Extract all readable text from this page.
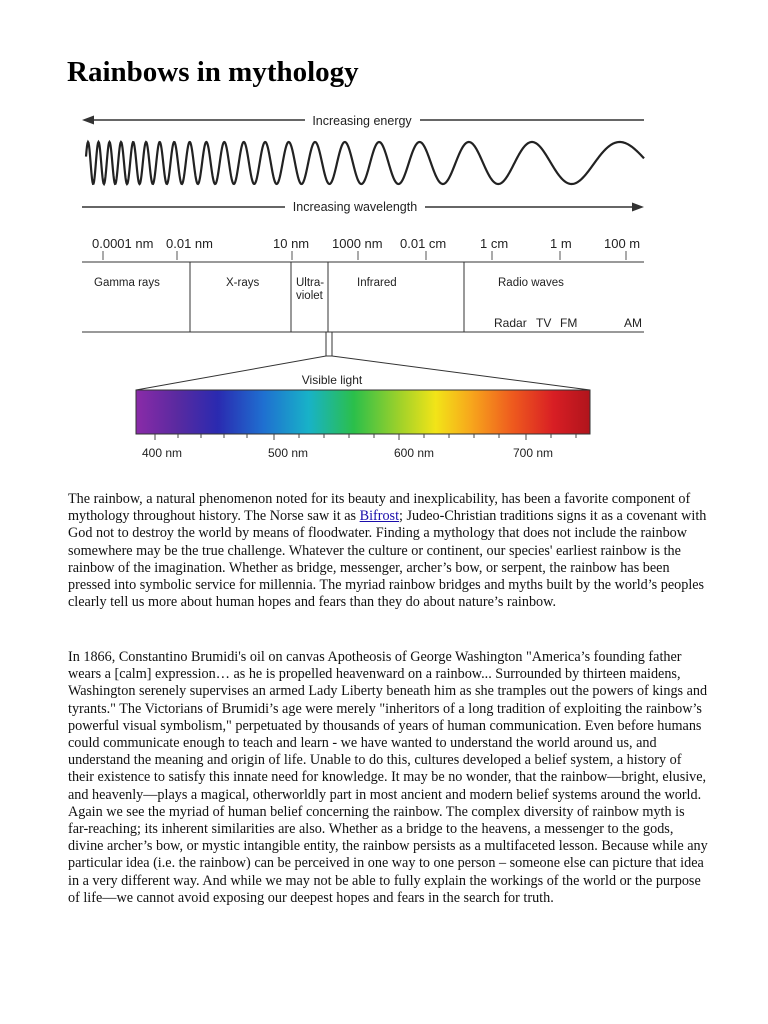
Rainbows in mythology
Increasing energy
Increasing wavelength
0.0001 nm 0.01 nm	10 nm 1000 nm 0.01 cm	1 cm	1 m 100 m
Gamma rays	X-rays	Ultra-
violet
Infrared	Radio waves
Radar TV FM	AM
Visible light
400 nm	500 nm	600 nm	700 nm

The rainbow, a natural phenomenon noted for its beauty and inexplicability, has been a favorite component of mythology throughout history. The Norse saw it as Bifrost; Judeo-Christian traditions signs it as a covenant with God not to destroy the world by means of floodwater. Finding a mythology that does not include the rainbow somewhere may be the true challenge. Whatever the culture or continent, our species' earliest rainbow is the rainbow of the imagination. Whether as bridge, messenger, archer’s bow, or serpent, the rainbow has been pressed into symbolic service for millennia. The myriad rainbow bridges and myths built by the world’s peoples clearly tell us more about human hopes and fears than they do about nature’s rainbow.

In 1866, Constantino Brumidi's oil on canvas Apotheosis of George Washington "America’s founding father wears a [calm] expression… as he is propelled heavenward on a rainbow... Surrounded by thirteen maidens, Washington serenely supervises an armed Lady Liberty beneath him as she tramples out the powers of kings and tyrants." The Victorians of Brumidi’s age were merely "inheritors of a long tradition of exploiting the rainbow’s powerful visual symbolism," perpetuated by thousands of years of human communication. Even before humans could communicate enough to teach and learn - we have wanted to understand the world around us, and understand the meaning and origin of life. Unable to do this, cultures developed a belief system, a history of their existence to satisfy this innate need for knowledge. It may be no wonder, that the rainbow—bright, elusive, and heavenly—plays a magical, otherworldly part in most ancient and modern belief systems around the world. Again we see the myriad of human belief concerning the rainbow. The complex diversity of rainbow myth is far-reaching; its inherent similarities are also. Whether as a bridge to the heavens, a messenger to the gods, divine archer’s bow, or mystic intangible entity, the rainbow persists as a multifaceted lesson. Because while any particular idea (i.e. the rainbow) can be perceived in one way to one person – someone else can picture that idea in a very different way. And while we may not be able to fully explain the workings of the world or the purpose of life—we cannot avoid exposing our deepest hopes and fears in the search for truth.
